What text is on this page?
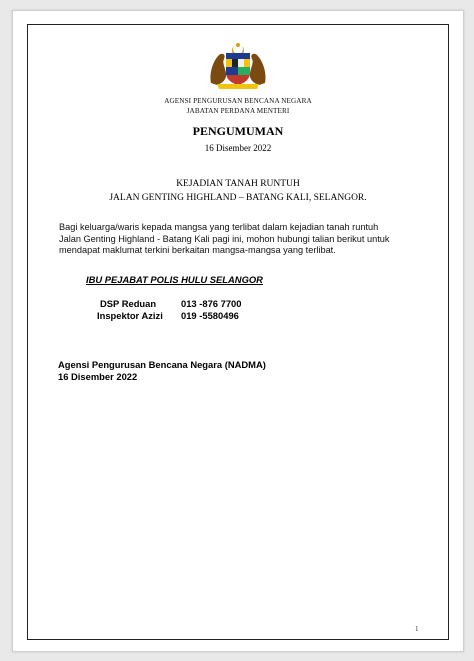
AGENSI PENGURUSAN BENCANA NEGARA
JABATAN PERDANA MENTERI
PENGUMUMAN
16 Disember 2022
KEJADIAN TANAH RUNTUH
JALAN GENTING HIGHLAND – BATANG KALI, SELANGOR.
Bagi keluarga/waris kepada mangsa yang terlibat dalam kejadian tanah runtuh
Jalan Genting Highland - Batang Kali pagi ini, mohon hubungi talian berikut untuk
mendapat maklumat terkini berkaitan mangsa-mangsa yang terlibat.
IBU PEJABAT POLIS HULU SELANGOR
DSP Reduan	013 -876 7700
Inspektor Azizi 019 -5580496
Agensi Pengurusan Bencana Negara (NADMA)
16 Disember 2022
1
